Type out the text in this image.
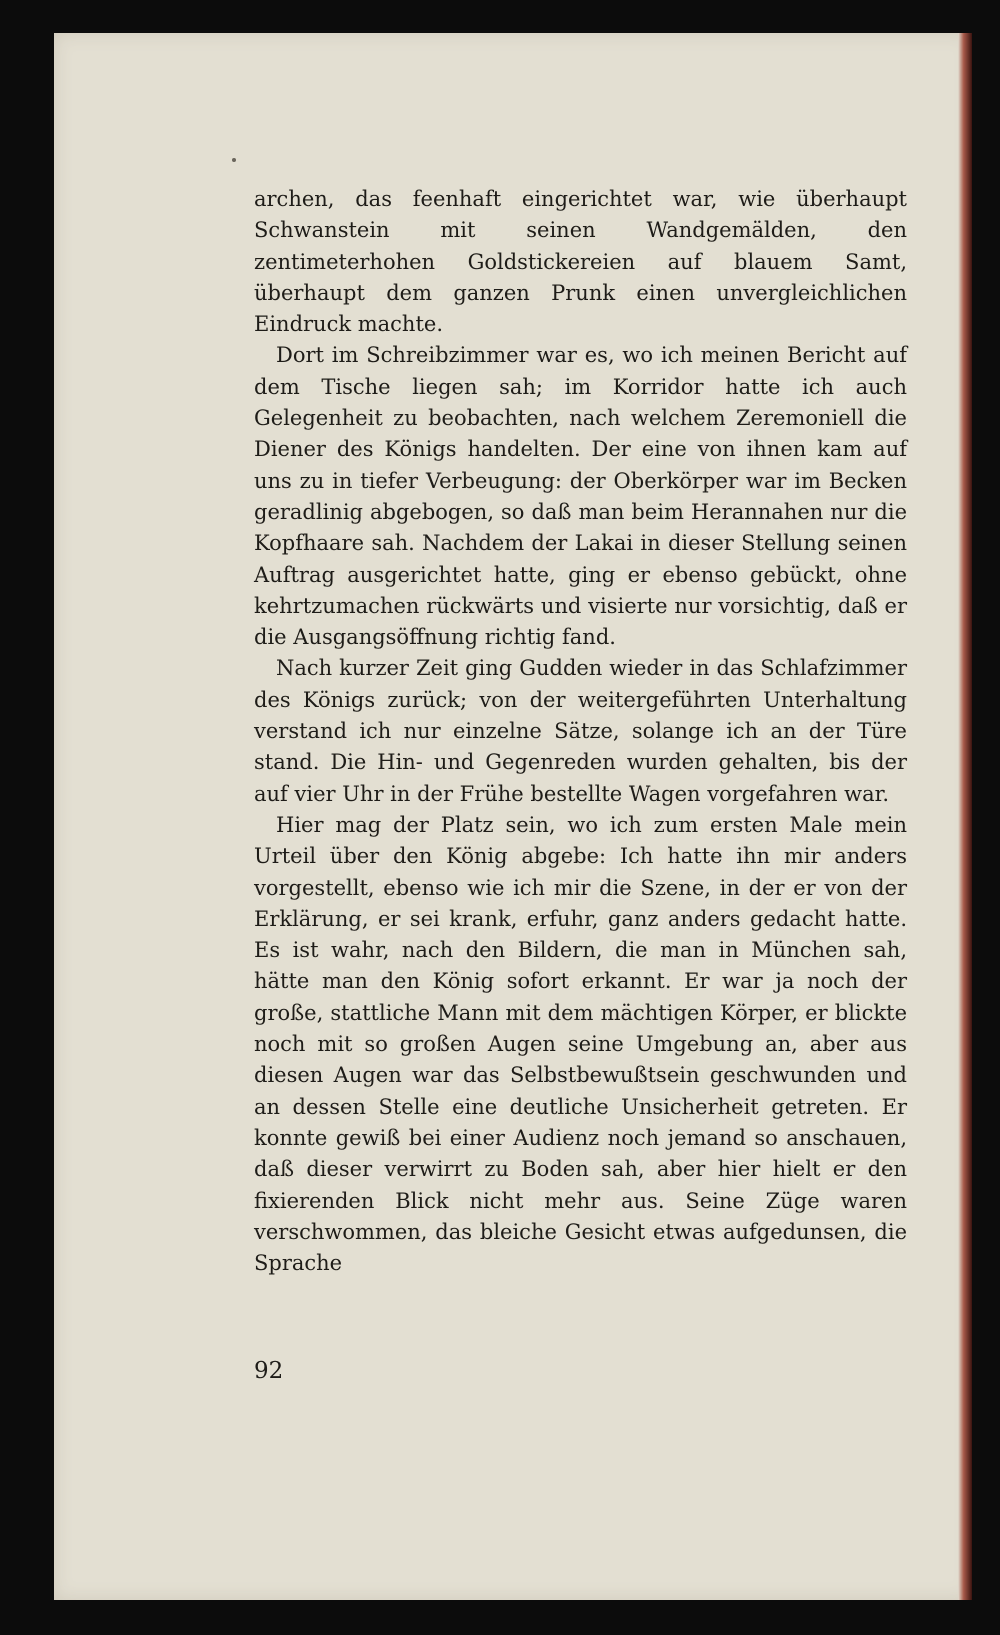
archen, das feenhaft eingerichtet war, wie überhaupt Schwanstein mit seinen Wandgemälden, den zentimeterhohen Goldstickereien auf blauem Samt, überhaupt dem ganzen Prunk einen unvergleichlichen Eindruck machte.

Dort im Schreibzimmer war es, wo ich meinen Bericht auf dem Tische liegen sah; im Korridor hatte ich auch Gelegenheit zu beobachten, nach welchem Zeremoniell die Diener des Königs handelten. Der eine von ihnen kam auf uns zu in tiefer Verbeugung: der Oberkörper war im Becken geradlinig abgebogen, so daß man beim Herannahen nur die Kopfhaare sah. Nachdem der Lakai in dieser Stellung seinen Auftrag ausgerichtet hatte, ging er ebenso gebückt, ohne kehrtzumachen rückwärts und visierte nur vorsichtig, daß er die Ausgangsöffnung richtig fand.

Nach kurzer Zeit ging Gudden wieder in das Schlafzimmer des Königs zurück; von der weitergeführten Unterhaltung verstand ich nur einzelne Sätze, solange ich an der Türe stand. Die Hin- und Gegenreden wurden gehalten, bis der auf vier Uhr in der Frühe bestellte Wagen vorgefahren war.

Hier mag der Platz sein, wo ich zum ersten Male mein Urteil über den König abgebe: Ich hatte ihn mir anders vorgestellt, ebenso wie ich mir die Szene, in der er von der Erklärung, er sei krank, erfuhr, ganz anders gedacht hatte. Es ist wahr, nach den Bildern, die man in München sah, hätte man den König sofort erkannt. Er war ja noch der große, stattliche Mann mit dem mächtigen Körper, er blickte noch mit so großen Augen seine Umgebung an, aber aus diesen Augen war das Selbstbewußtsein geschwunden und an dessen Stelle eine deutliche Unsicherheit getreten. Er konnte gewiß bei einer Audienz noch jemand so anschauen, daß dieser verwirrt zu Boden sah, aber hier hielt er den fixierenden Blick nicht mehr aus. Seine Züge waren verschwommen, das bleiche Gesicht etwas aufgedunsen, die Sprache

92
